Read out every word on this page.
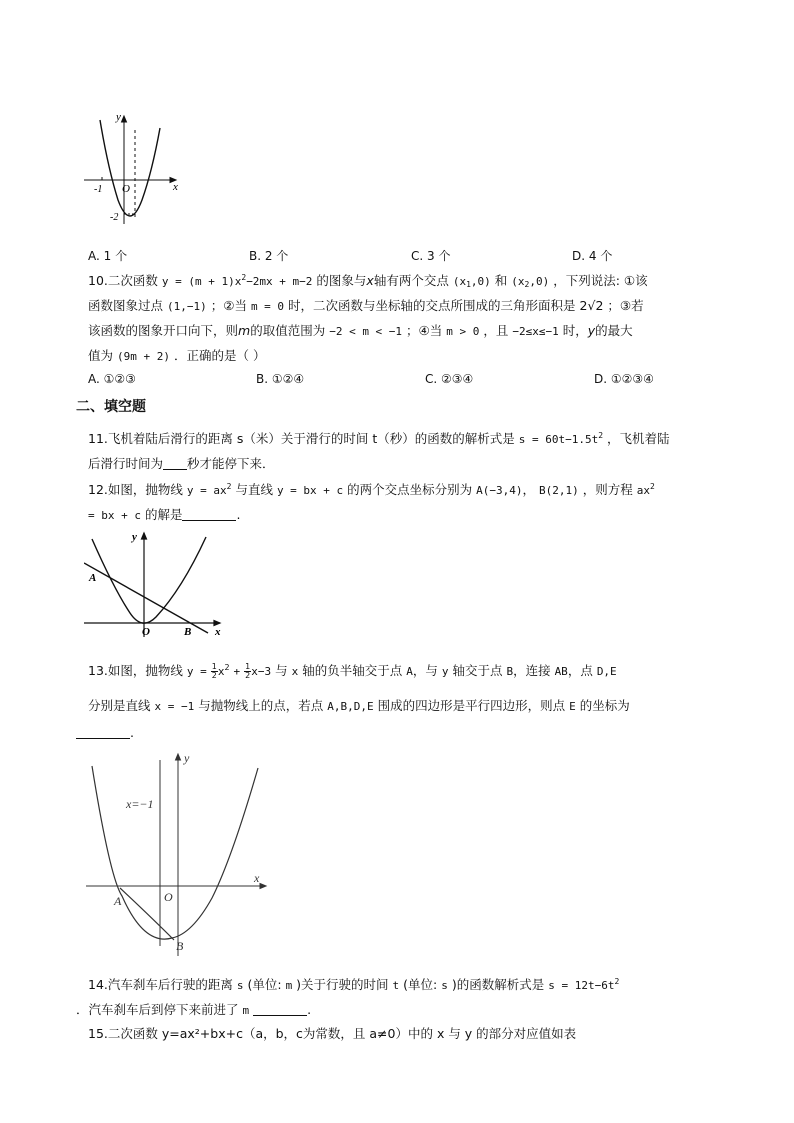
y
x
O
-1
-2
A. 1 个	B. 2 个	C. 3 个	D. 4 个
10.二次函数 $y = (m + 1)x^2-2mx + m-2$ 的图象与x轴有两个交点 $(x_1,0)$ 和 $(x_2,0)$ ，下列说法: ①该
函数图象过点 (1,−1) ；②当 m = 0 时，二次函数与坐标轴的交点所围成的三角形面积是 2√2 ；③若
该函数的图象开口向下，则m的取值范围为 −2 < m < −1 ；④当 m > 0 ，且 −2≤x≤−1 时，y的最大
值为 (9m + 2) ．正确的是（ ）
A. ①②③	B. ①②④	C. ②③④	D. ①②③④
二、填空题
11.飞机着陆后滑行的距离 s（米）关于滑行的时间 t（秒）的函数的解析式是 $s = 60t-1.5t^2$ ，飞机着陆
后滑行时间为 秒才能停下来．
12.如图，抛物线 $y = ax^2$ 与直线 y = bx + c 的两个交点坐标分别为 A(−3,4)， B(2,1) ，则方程 $ax^2$
= bx + c 的解是	.
y
x
O
A
B
13.如图，抛物线 $y = \frac{1}{2} x^2 + \frac{1}{2} x-3$ 与 x 轴的负半轴交于点 A，与 y 轴交于点 B，连接 AB，点 D,E
分别是直线 x = −1 与抛物线上的点，若点 A,B,D,E 围成的四边形是平行四边形，则点 E 的坐标为
.
y
x
O
A
B
x=−1
14.汽车刹车后行驶的距离 s (单位: m )关于行驶的时间 t (单位: s )的函数解析式是 $s = 12t-6t^2$
．汽车刹车后到停下来前进了 m	.
15.二次函数 y=ax²+bx+c（a，b，c为常数，且 a≠0）中的 x 与 y 的部分对应值如表
